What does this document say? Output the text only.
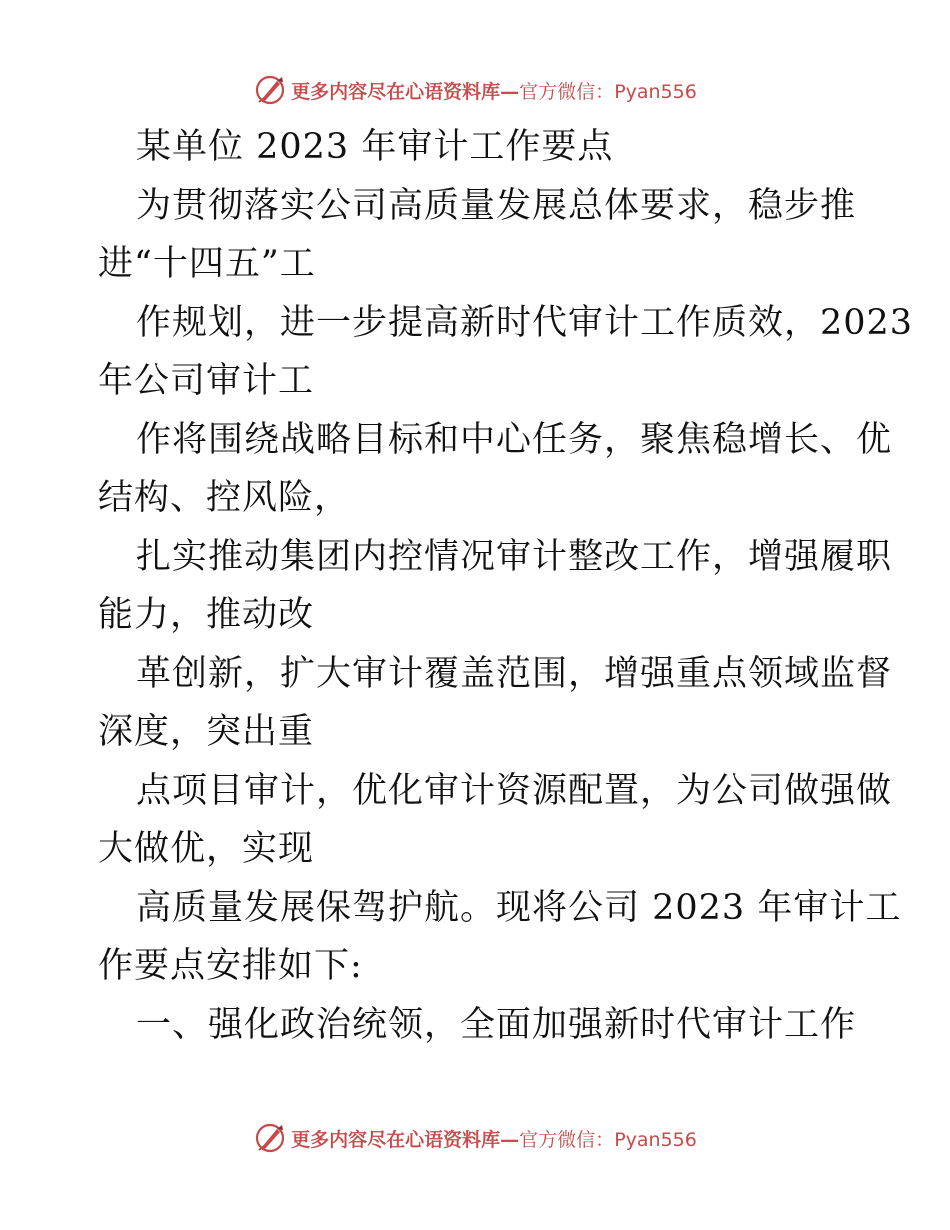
更多内容尽在心语资料库—官方微信：Pyan556
某单位 2023 年审计工作要点
为贯彻落实公司高质量发展总体要求，稳步推
进“十四五”工
作规划，进一步提高新时代审计工作质效，2023
年公司审计工
作将围绕战略目标和中心任务，聚焦稳增长、优
结构、控风险，
扎实推动集团内控情况审计整改工作，增强履职
能力，推动改
革创新，扩大审计覆盖范围，增强重点领域监督
深度，突出重
点项目审计，优化审计资源配置，为公司做强做
大做优，实现
高质量发展保驾护航。现将公司 2023 年审计工
作要点安排如下:
一、强化政治统领，全面加强新时代审计工作
更多内容尽在心语资料库—官方微信：Pyan556
